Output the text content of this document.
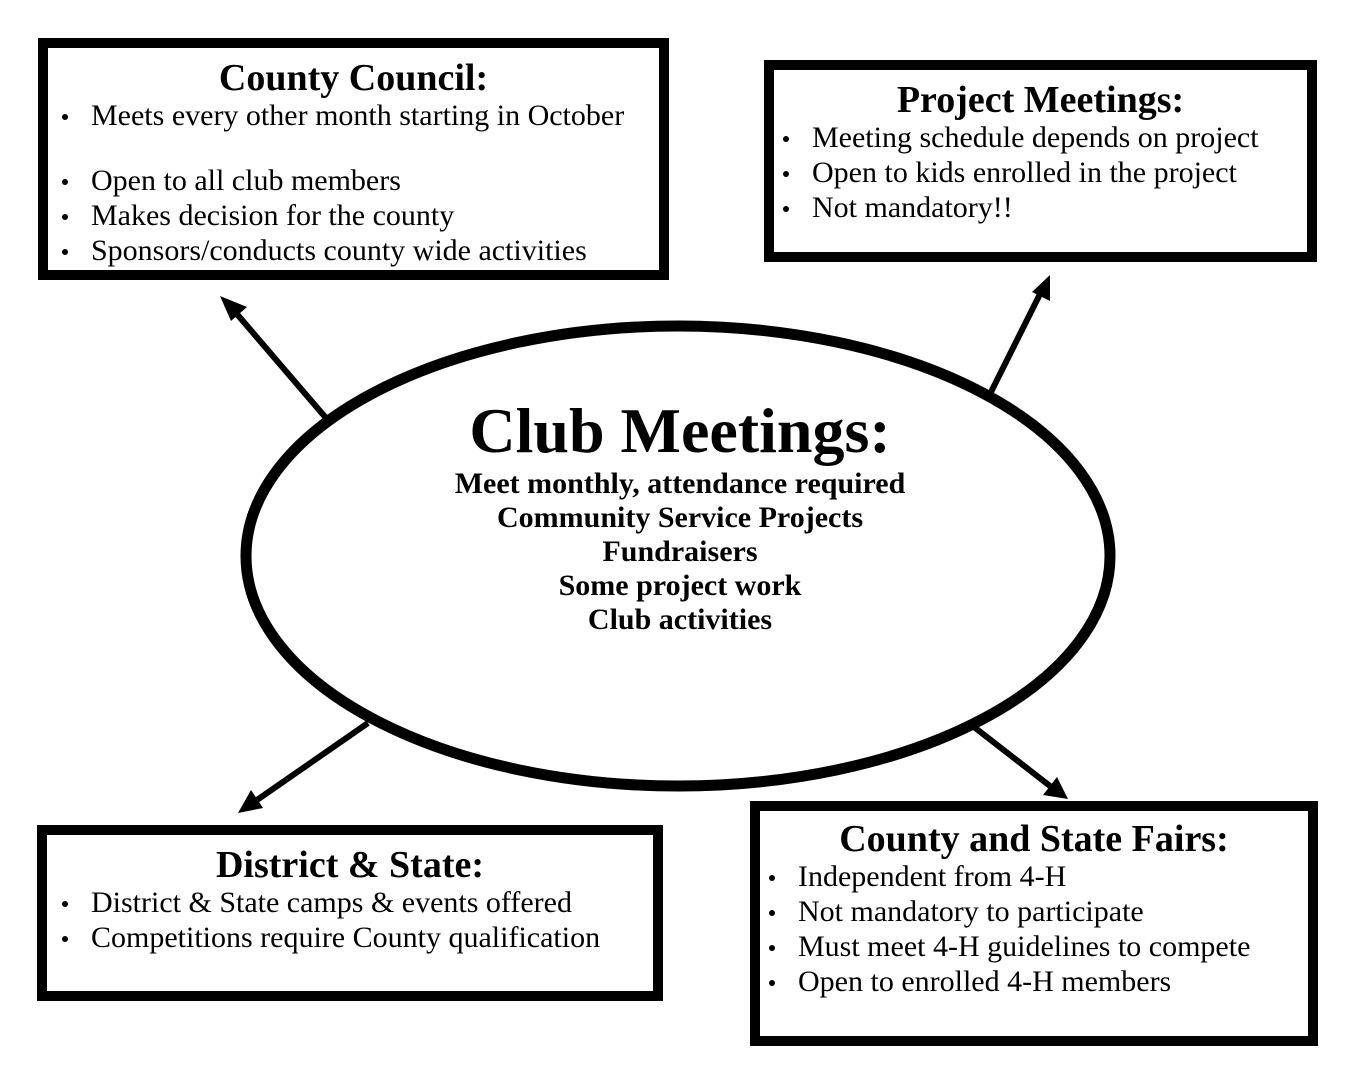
Club Meetings:
Meet monthly, attendance required
Community Service Projects
Fundraisers
Some project work
Club activities
County Council:
Meets every other month starting in October
Open to all club members
Makes decision for the county
Sponsors/conducts county wide activities
Project Meetings:
Meeting schedule depends on project
Open to kids enrolled in the project
Not mandatory!!
District & State:
District & State camps & events offered
Competitions require County qualification
County and State Fairs:
Independent from 4-H
Not mandatory to participate
Must meet 4-H guidelines to compete
Open to enrolled 4-H members
